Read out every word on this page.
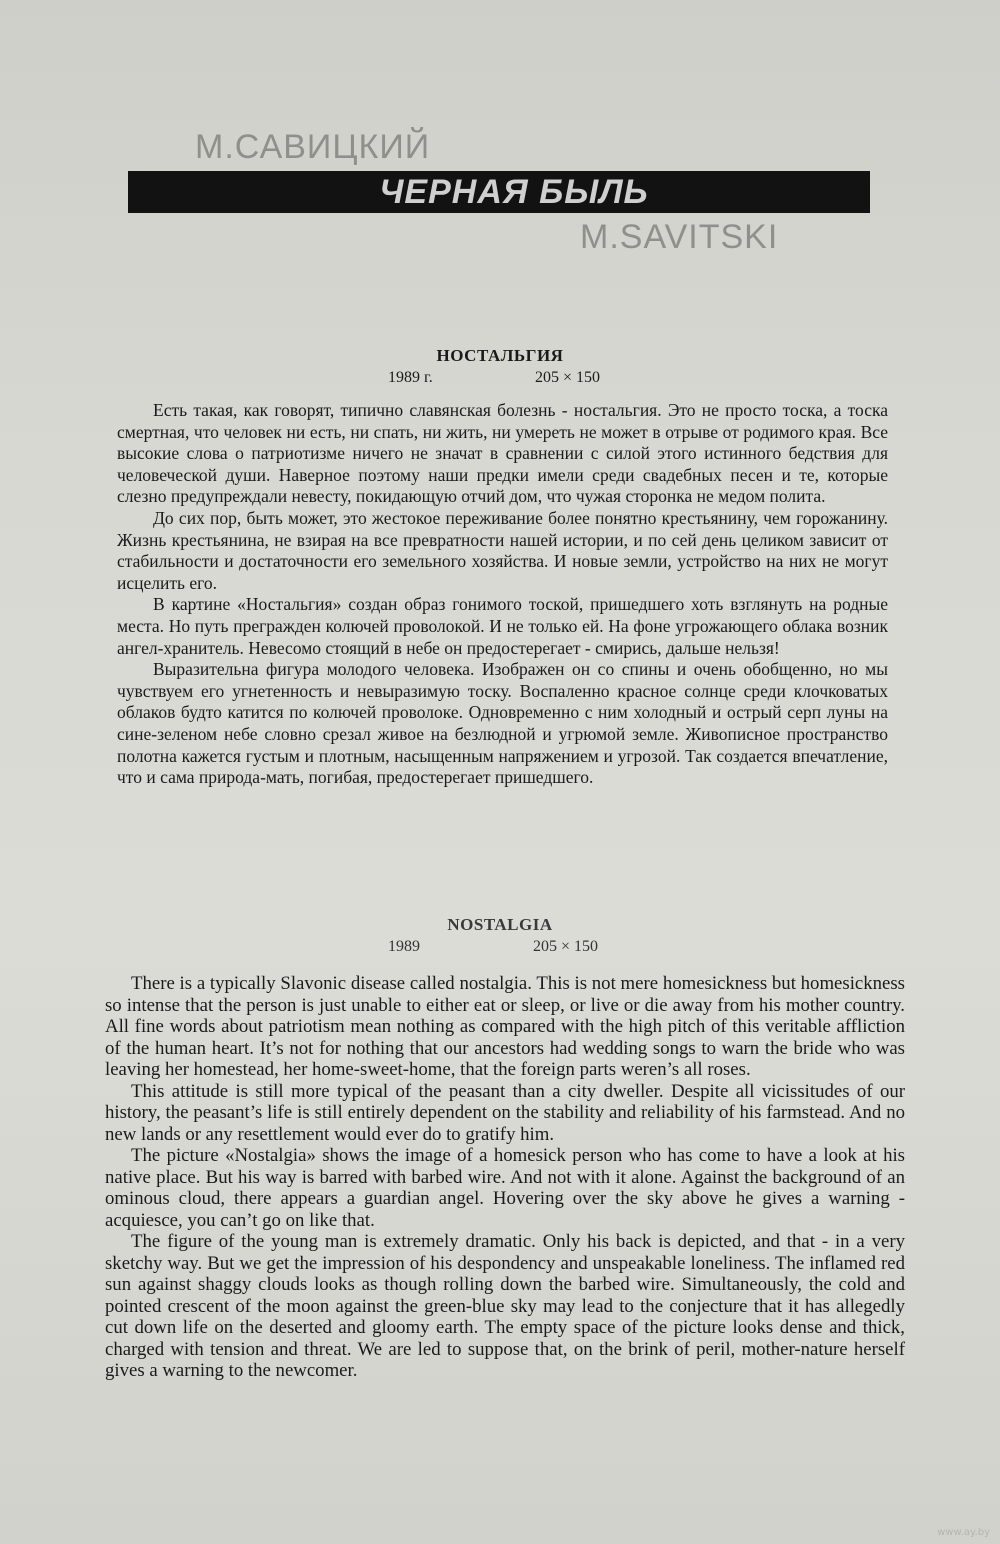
М.САВИЦКИЙ
ЧЕРНАЯ БЫЛЬ
M.SAVITSKI
НОСТАЛЬГИЯ
1989 г.	205 × 150

Есть такая, как говорят, типично славянская болезнь - ностальгия. Это не просто тоска, а тоска смертная, что человек ни есть, ни спать, ни жить, ни умереть не может в отрыве от родимого края. Все высокие слова о патриотизме ничего не значат в сравнении с силой этого истинного бедствия для человеческой души. Наверное поэтому наши предки имели среди свадебных песен и те, которые слезно предупреждали невесту, покидающую отчий дом, что чужая сторонка не медом полита.

До сих пор, быть может, это жестокое переживание более понятно крестьянину, чем горожанину. Жизнь крестьянина, не взирая на все превратности нашей истории, и по сей день целиком зависит от стабильности и достаточности его земельного хозяйства. И новые земли, устройство на них не могут исцелить его.

В картине «Ностальгия» создан образ гонимого тоской, пришедшего хоть взглянуть на родные места. Но путь прегражден колючей проволокой. И не только ей. На фоне угрожающего облака возник ангел-хранитель. Невесомо стоящий в небе он предостерегает - смирись, дальше нельзя!

Выразительна фигура молодого человека. Изображен он со спины и очень обобщенно, но мы чувствуем его угнетенность и невыразимую тоску. Воспаленно красное солнце среди клочковатых облаков будто катится по колючей проволоке. Одновременно с ним холодный и острый серп луны на сине-зеленом небе словно срезал живое на безлюдной и угрюмой земле. Живописное пространство полотна кажется густым и плотным, насыщенным напряжением и угрозой. Так создается впечатление, что и сама природа-мать, погибая, предостерегает пришедшего.

NOSTALGIA
1989	205 × 150

There is a typically Slavonic disease called nostalgia. This is not mere homesickness but homesickness so intense that the person is just unable to either eat or sleep, or live or die away from his mother country. All fine words about patriotism mean nothing as compared with the high pitch of this veritable affliction of the human heart. It’s not for nothing that our ancestors had wedding songs to warn the bride who was leaving her homestead, her home-sweet-home, that the foreign parts weren’s all roses.

This attitude is still more typical of the peasant than a city dweller. Despite all vicissitudes of our history, the peasant’s life is still entirely dependent on the stability and reliability of his farmstead. And no new lands or any resettlement would ever do to gratify him.

The picture «Nostalgia» shows the image of a homesick person who has come to have a look at his native place. But his way is barred with barbed wire. And not with it alone. Against the background of an ominous cloud, there appears a guardian angel. Hovering over the sky above he gives a warning - acquiesce, you can’t go on like that.

The figure of the young man is extremely dramatic. Only his back is depicted, and that - in a very sketchy way. But we get the impression of his despondency and unspeakable loneliness. The inflamed red sun against shaggy clouds looks as though rolling down the barbed wire. Simultaneously, the cold and pointed crescent of the moon against the green-blue sky may lead to the conjecture that it has allegedly cut down life on the deserted and gloomy earth. The empty space of the picture looks dense and thick, charged with tension and threat. We are led to suppose that, on the brink of peril, mother-nature herself gives a warning to the newcomer.

www.ay.by
